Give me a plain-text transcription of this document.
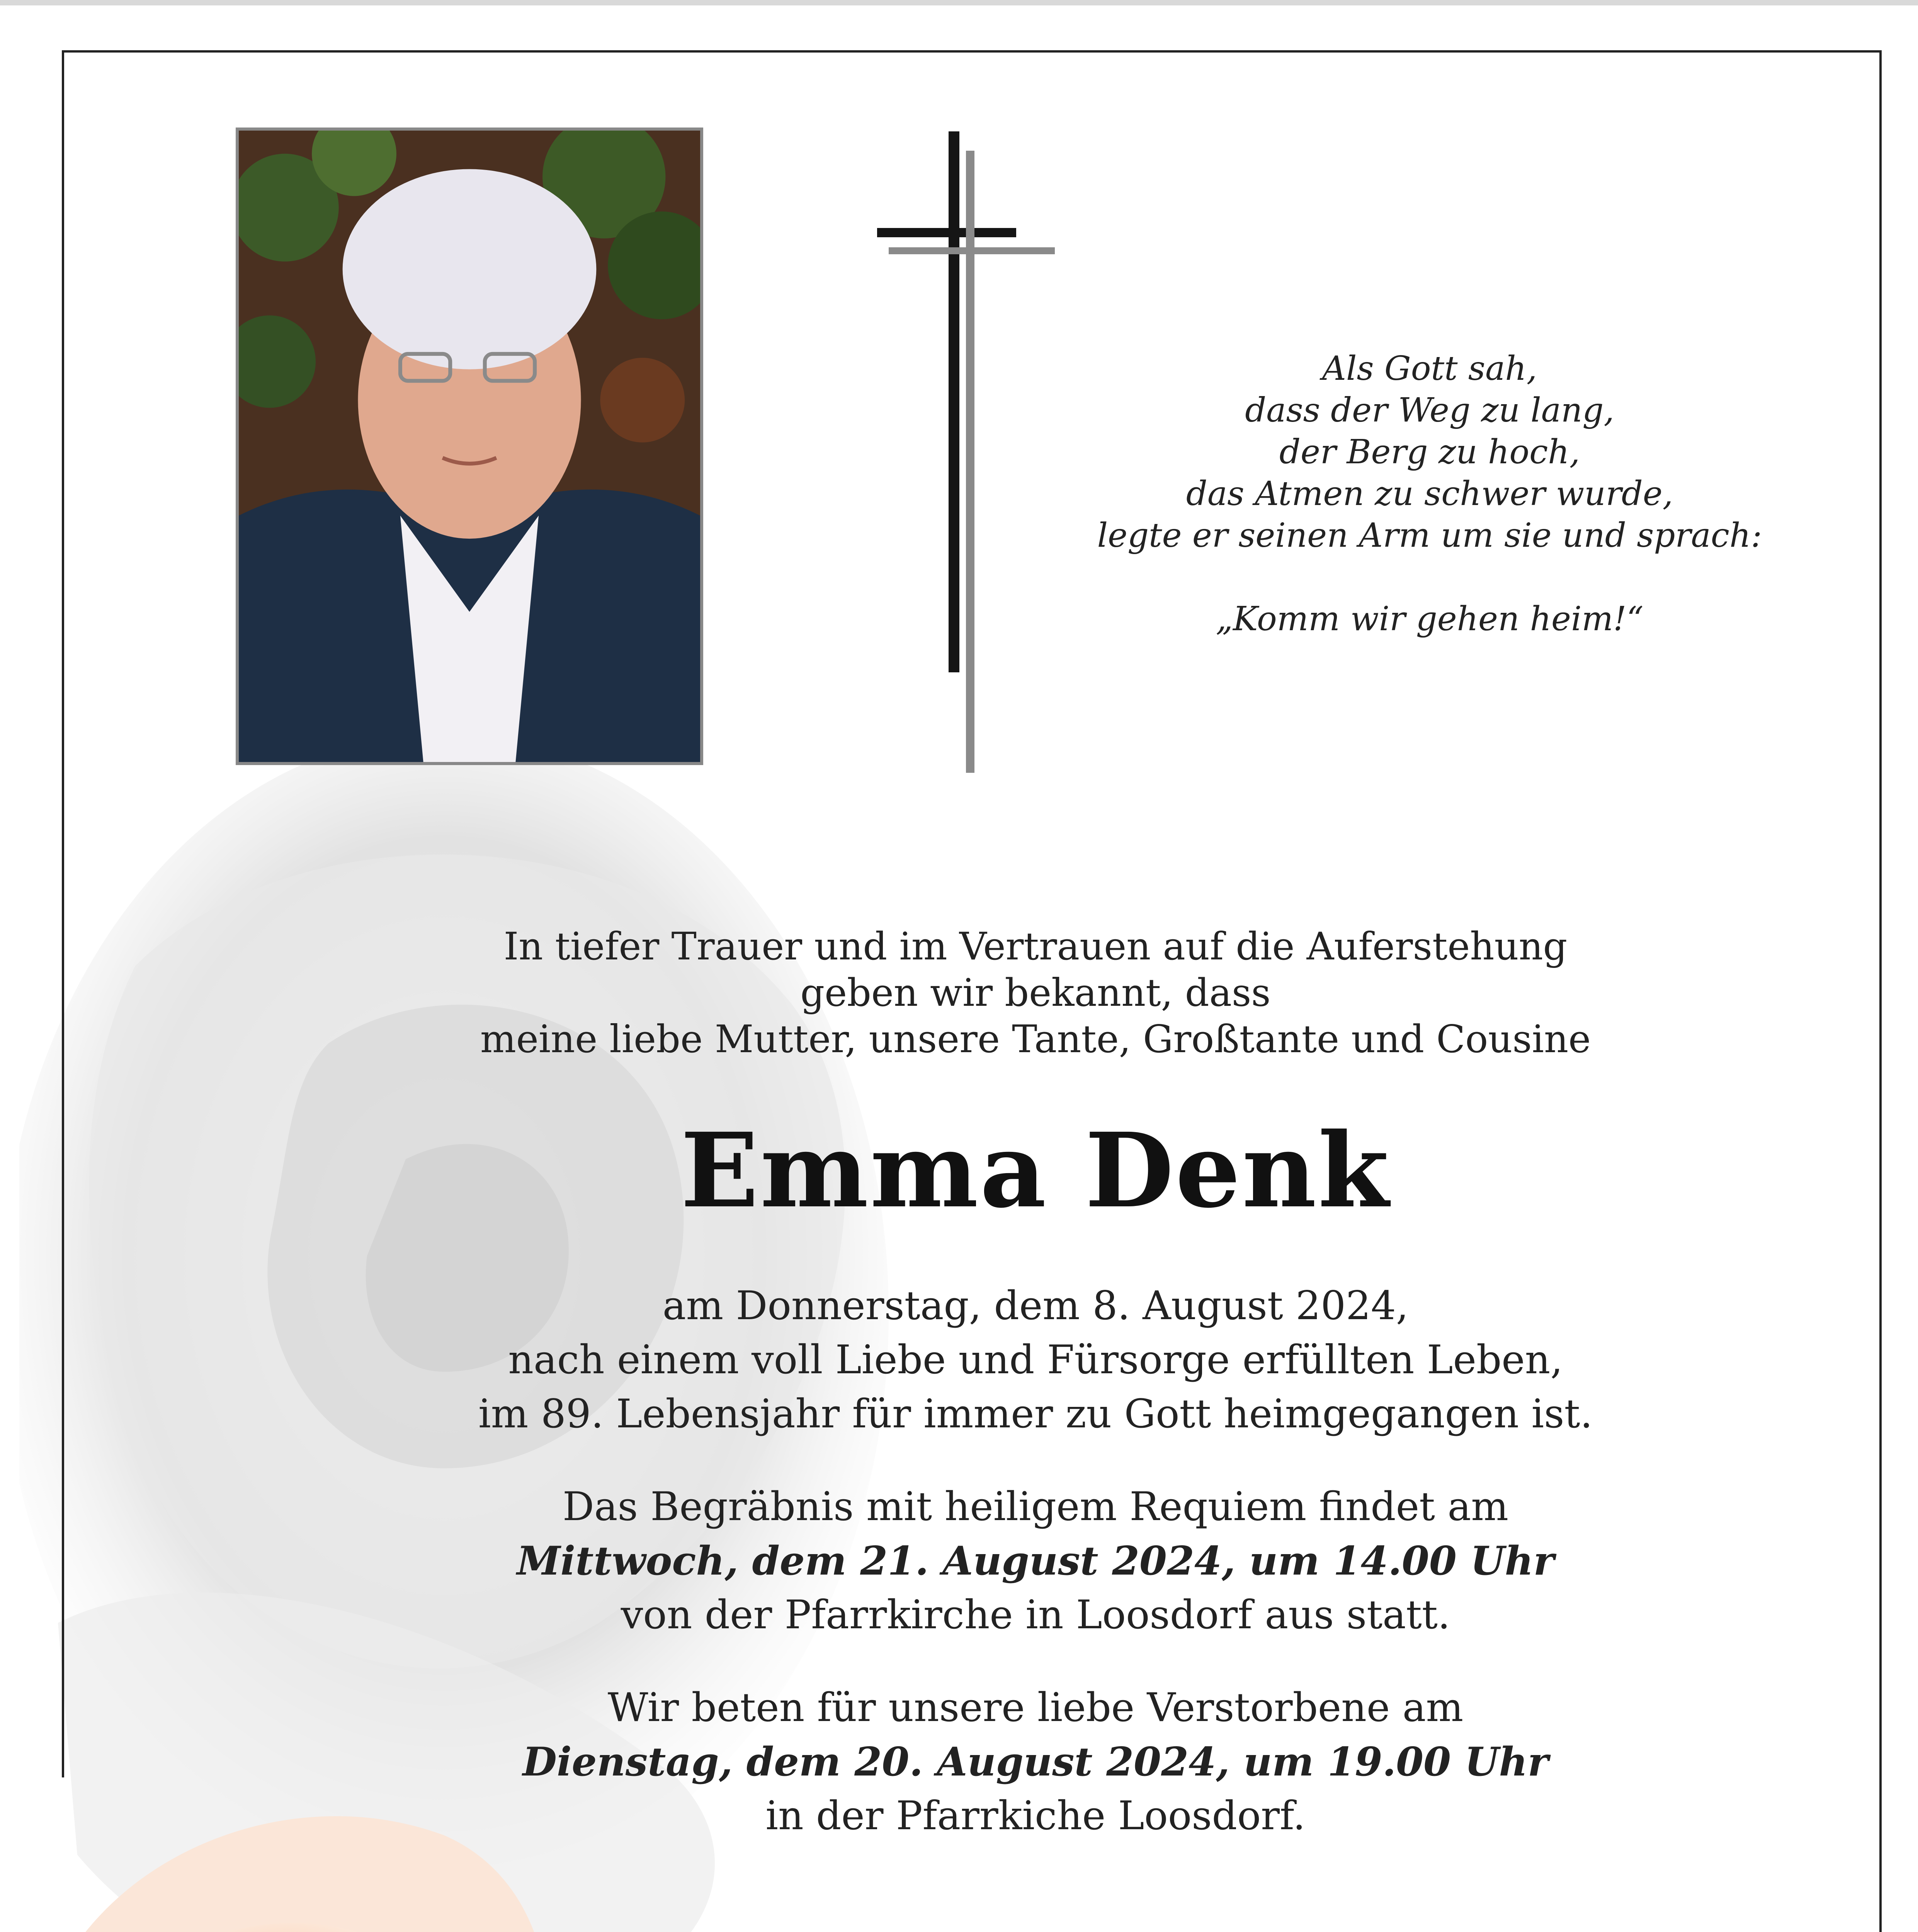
Als Gott sah,
dass der Weg zu lang,
der Berg zu hoch,
das Atmen zu schwer wurde,
legte er seinen Arm um sie und sprach:
„Komm wir gehen heim!“
In tiefer Trauer und im Vertrauen auf die Auferstehung
geben wir bekannt, dass
meine liebe Mutter, unsere Tante, Großtante und Cousine
Emma Denk
am Donnerstag, dem 8. August 2024,
nach einem voll Liebe und Fürsorge erfüllten Leben,
im 89. Lebensjahr für immer zu Gott heimgegangen ist.
Das Begräbnis mit heiligem Requiem findet am
Mittwoch, dem 21. August 2024, um 14.00 Uhr
von der Pfarrkirche in Loosdorf aus statt.
Wir beten für unsere liebe Verstorbene am
Dienstag, dem 20. August 2024, um 19.00 Uhr
in der Pfarrkiche Loosdorf.
